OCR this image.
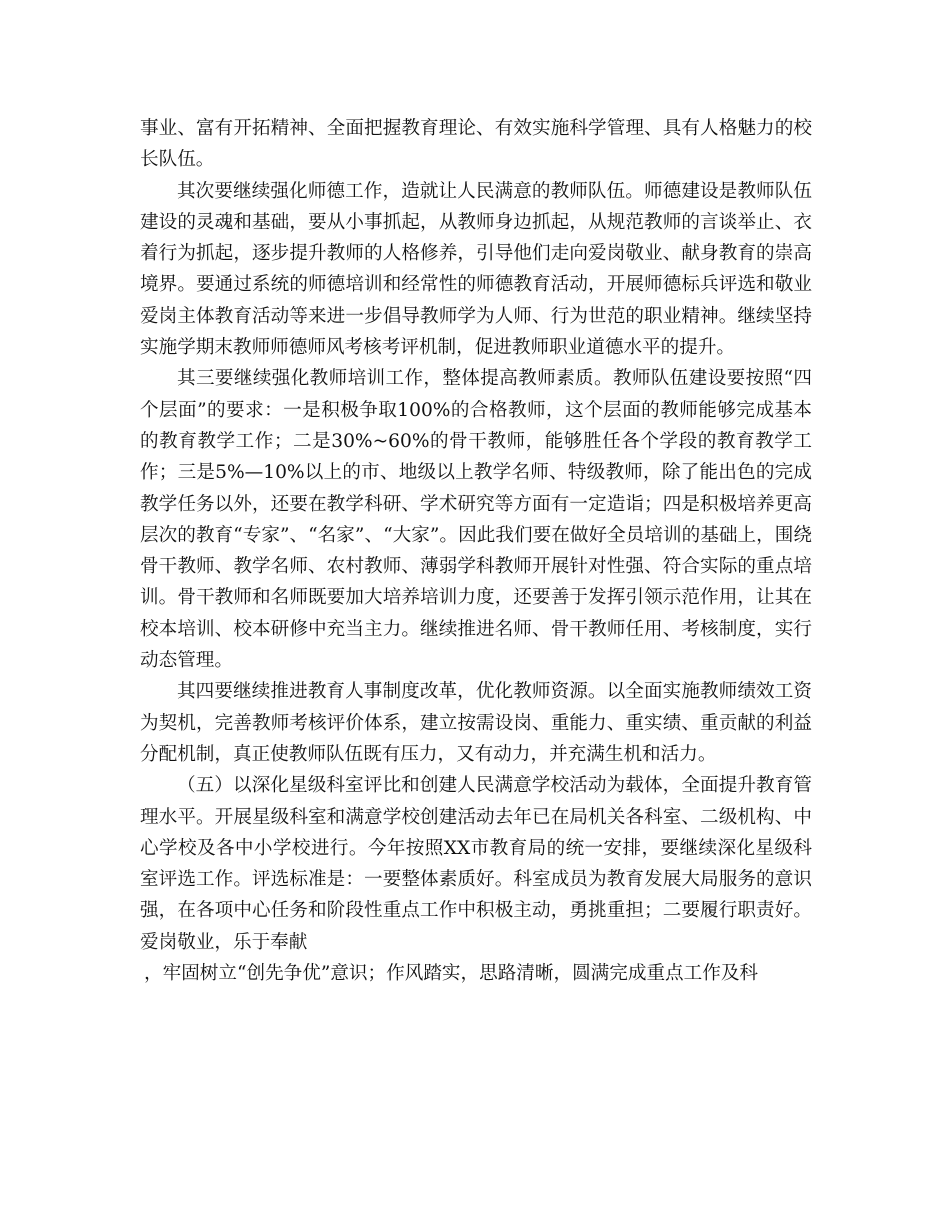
事业、富有开拓精神、全面把握教育理论、有效实施科学管理、具有人格魅力的校长队伍。

其次要继续强化师德工作，造就让人民满意的教师队伍。师德建设是教师队伍建设的灵魂和基础，要从小事抓起，从教师身边抓起，从规范教师的言谈举止、衣着行为抓起，逐步提升教师的人格修养，引导他们走向爱岗敬业、献身教育的崇高境界。要通过系统的师德培训和经常性的师德教育活动，开展师德标兵评选和敬业爱岗主体教育活动等来进一步倡导教师学为人师、行为世范的职业精神。继续坚持实施学期末教师师德师风考核考评机制，促进教师职业道德水平的提升。

其三要继续强化教师培训工作，整体提高教师素质。教师队伍建设要按照“四个层面”的要求：一是积极争取100%的合格教师，这个层面的教师能够完成基本的教育教学工作；二是30%~60%的骨干教师，能够胜任各个学段的教育教学工作；三是5%—10%以上的市、地级以上教学名师、特级教师，除了能出色的完成教学任务以外，还要在教学科研、学术研究等方面有一定造诣；四是积极培养更高层次的教育“专家”、“名家”、“大家”。因此我们要在做好全员培训的基础上，围绕骨干教师、教学名师、农村教师、薄弱学科教师开展针对性强、符合实际的重点培训。骨干教师和名师既要加大培养培训力度，还要善于发挥引领示范作用，让其在校本培训、校本研修中充当主力。继续推进名师、骨干教师任用、考核制度，实行动态管理。

其四要继续推进教育人事制度改革，优化教师资源。以全面实施教师绩效工资为契机，完善教师考核评价体系，建立按需设岗、重能力、重实绩、重贡献的利益分配机制，真正使教师队伍既有压力，又有动力，并充满生机和活力。

（五）以深化星级科室评比和创建人民满意学校活动为载体，全面提升教育管理水平。开展星级科室和满意学校创建活动去年已在局机关各科室、二级机构、中心学校及各中小学校进行。今年按照XX市教育局的统一安排，要继续深化星级科室评选工作。评选标准是：一要整体素质好。科室成员为教育发展大局服务的意识强，在各项中心任务和阶段性重点工作中积极主动，勇挑重担；二要履行职责好。爱岗敬业，乐于奉献

，牢固树立“创先争优”意识；作风踏实，思路清晰，圆满完成重点工作及科
